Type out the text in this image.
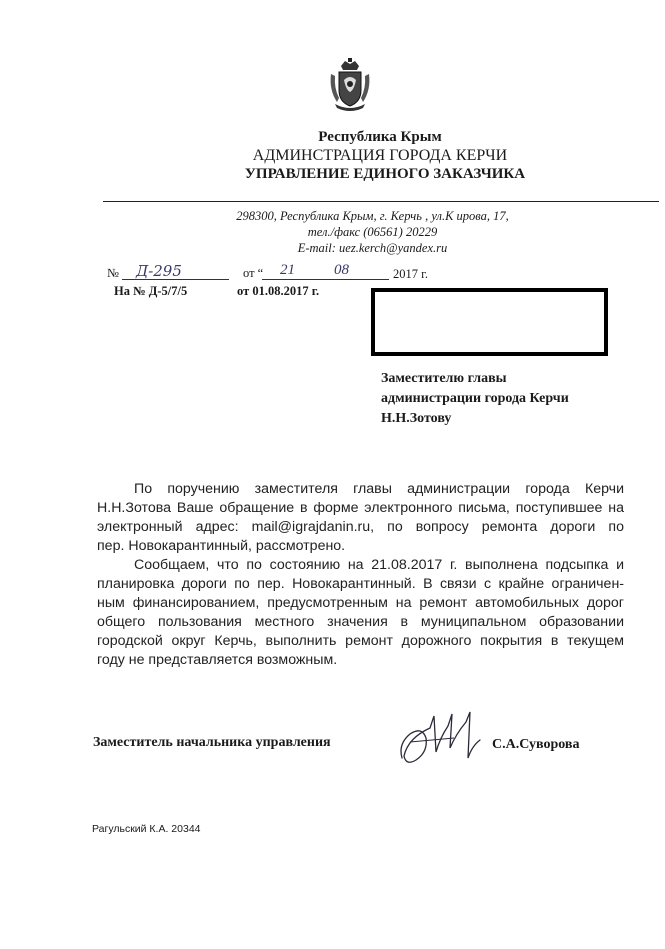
Республика Крым
АДМИНСТРАЦИЯ ГОРОДА КЕРЧИ
УПРАВЛЕНИЕ ЕДИНОГО ЗАКАЗЧИКА
298300, Республика Крым, г. Керчь , ул.К ирова, 17,
тел./факс (06561) 20229
E-mail: uez.kerch@yandex.ru
№ Д-295	от “ 21	08	2017 г.
На № Д-5/7/5	от 01.08.2017 г.
Заместителю главы
администрации города Керчи
Н.Н.Зотову
По поручению заместителя главы администрации города Керчи
Н.Н.Зотова Ваше обращение в форме электронного письма, поступившее на
электронный адрес: mail@igrajdanin.ru, по вопросу ремонта дороги по
пер. Новокарантинный, рассмотрено.
Сообщаем, что по состоянию на 21.08.2017 г. выполнена подсыпка и
планировка дороги по пер. Новокарантинный. В связи с крайне ограничен-
ным финансированием, предусмотренным на ремонт автомобильных дорог
общего пользования местного значения в муниципальном образовании
городской округ Керчь, выполнить ремонт дорожного покрытия в текущем
году не представляется возможным.
Заместитель начальника управления	С.А.Суворова
Рагульский К.А. 20344
